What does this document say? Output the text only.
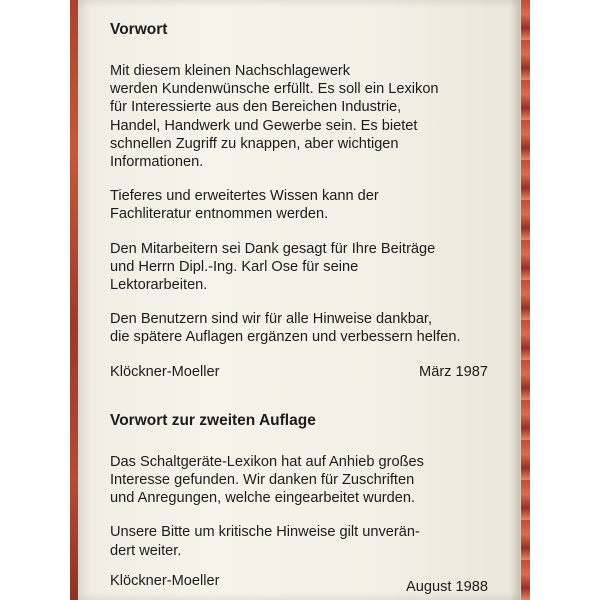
Vorwort

Mit diesem kleinen Nachschlagewerk
werden Kundenwünsche erfüllt. Es soll ein Lexikon
für Interessierte aus den Bereichen Industrie,
Handel, Handwerk und Gewerbe sein. Es bietet
schnellen Zugriff zu knappen, aber wichtigen
Informationen.

Tieferes und erweitertes Wissen kann der
Fachliteratur entnommen werden.

Den Mitarbeitern sei Dank gesagt für Ihre Beiträge
und Herrn Dipl.-Ing. Karl Ose für seine
Lektorarbeiten.

Den Benutzern sind wir für alle Hinweise dankbar,
die spätere Auflagen ergänzen und verbessern helfen.

Klöckner-Moeller	März 1987
Vorwort zur zweiten Auflage

Das Schaltgeräte-Lexikon hat auf Anhieb großes
Interesse gefunden. Wir danken für Zuschriften
und Anregungen, welche eingearbeitet wurden.

Unsere Bitte um kritische Hinweise gilt unverän-
dert weiter.

Klöckner-Moeller	August 1988
